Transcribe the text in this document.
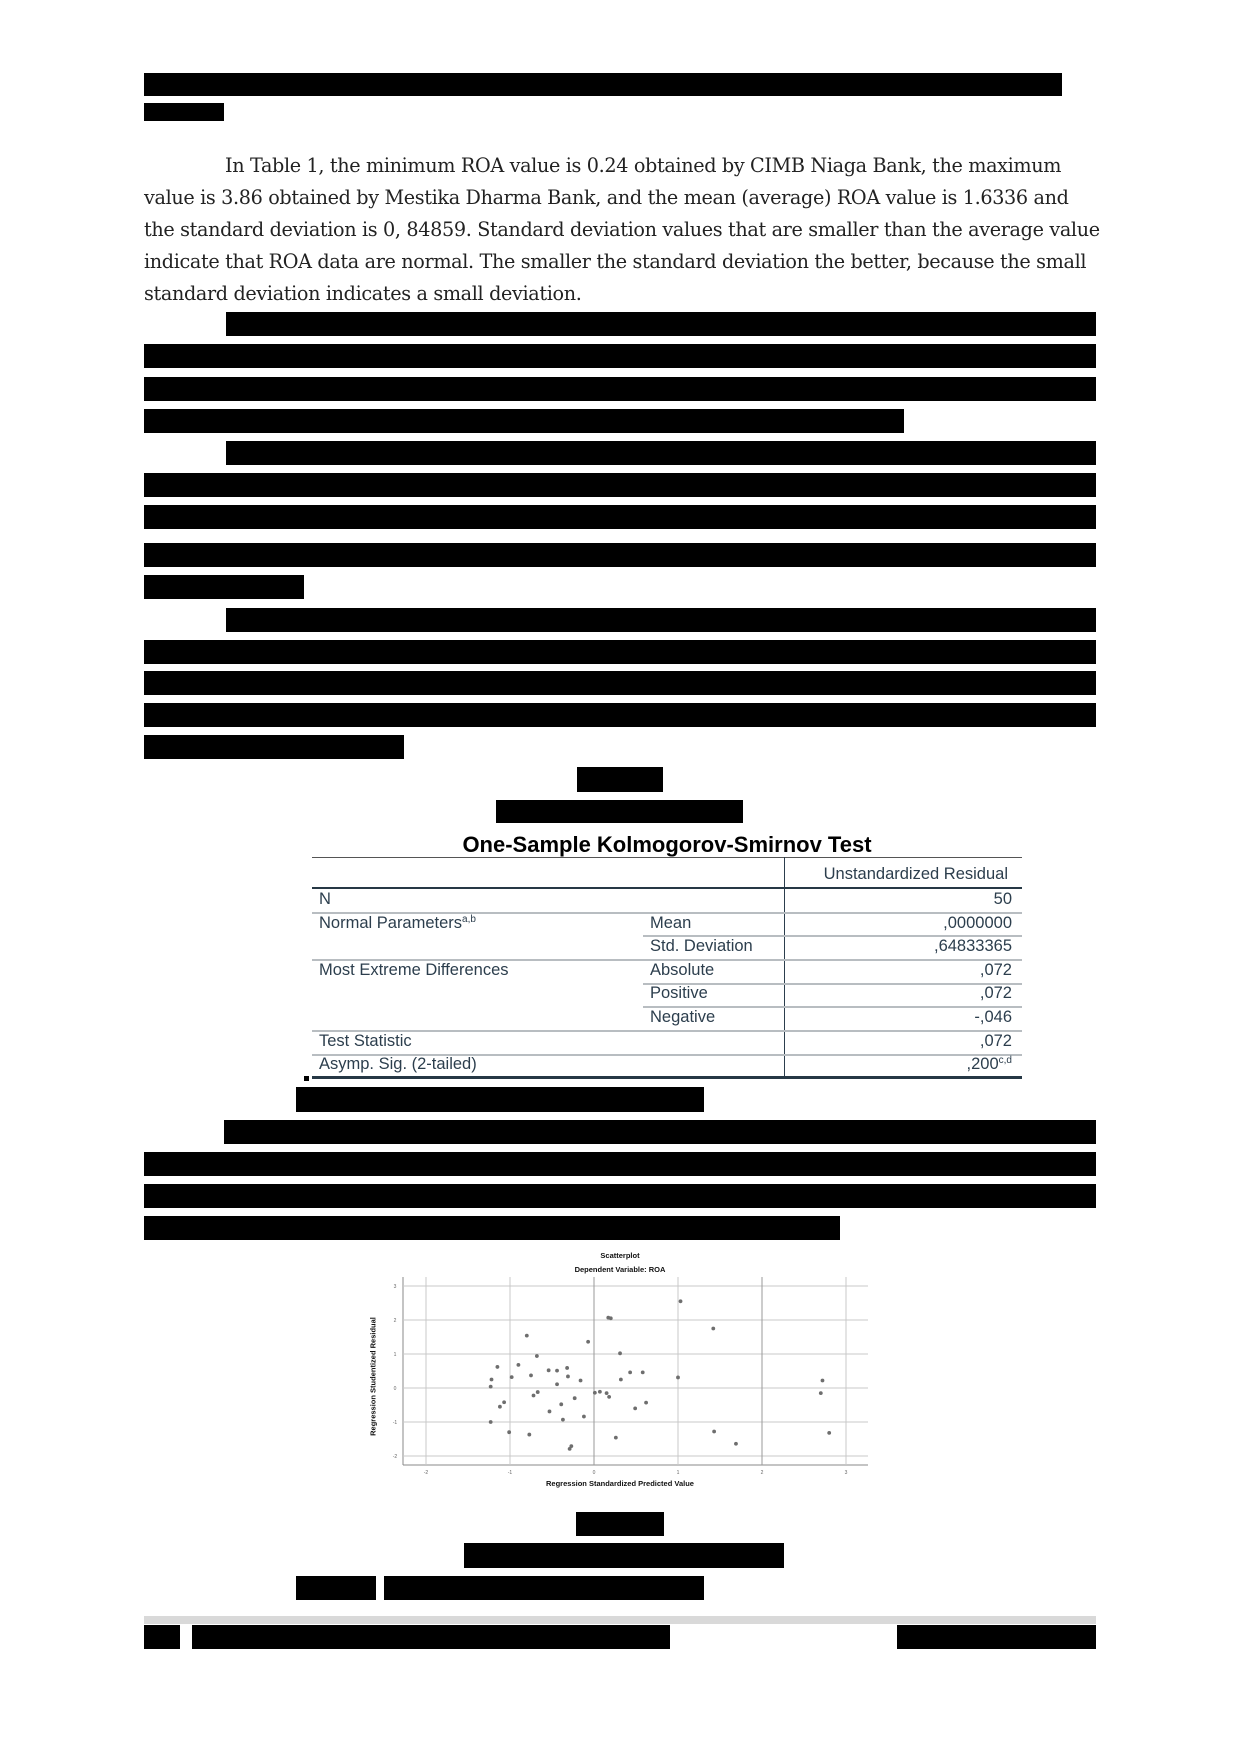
In Table 1, the minimum ROA value is 0.24 obtained by CIMB Niaga Bank, the maximum
value is 3.86 obtained by Mestika Dharma Bank, and the mean (average) ROA value is 1.6336 and
the standard deviation is 0, 84859. Standard deviation values that are smaller than the average value
indicate that ROA data are normal. The smaller the standard deviation the better, because the small
standard deviation indicates a small deviation.
One-Sample Kolmogorov-Smirnov Test
Unstandardized Residual
N	50
Normal Parameters$^{a,b}$	Mean	,0000000
Std. Deviation	,64833365
Most Extreme Differences	Absolute	,072
Positive	,072
Negative	-,046
Test Statistic	,072
Asymp. Sig. (2-tailed)	,200$^{c,d}$
Scatterplot
Dependent Variable: ROA
Regression Studentized Residual
Regression Standardized Predicted Value
-2
-1
0
1
2
3
-2	-1	0	1	2	3
